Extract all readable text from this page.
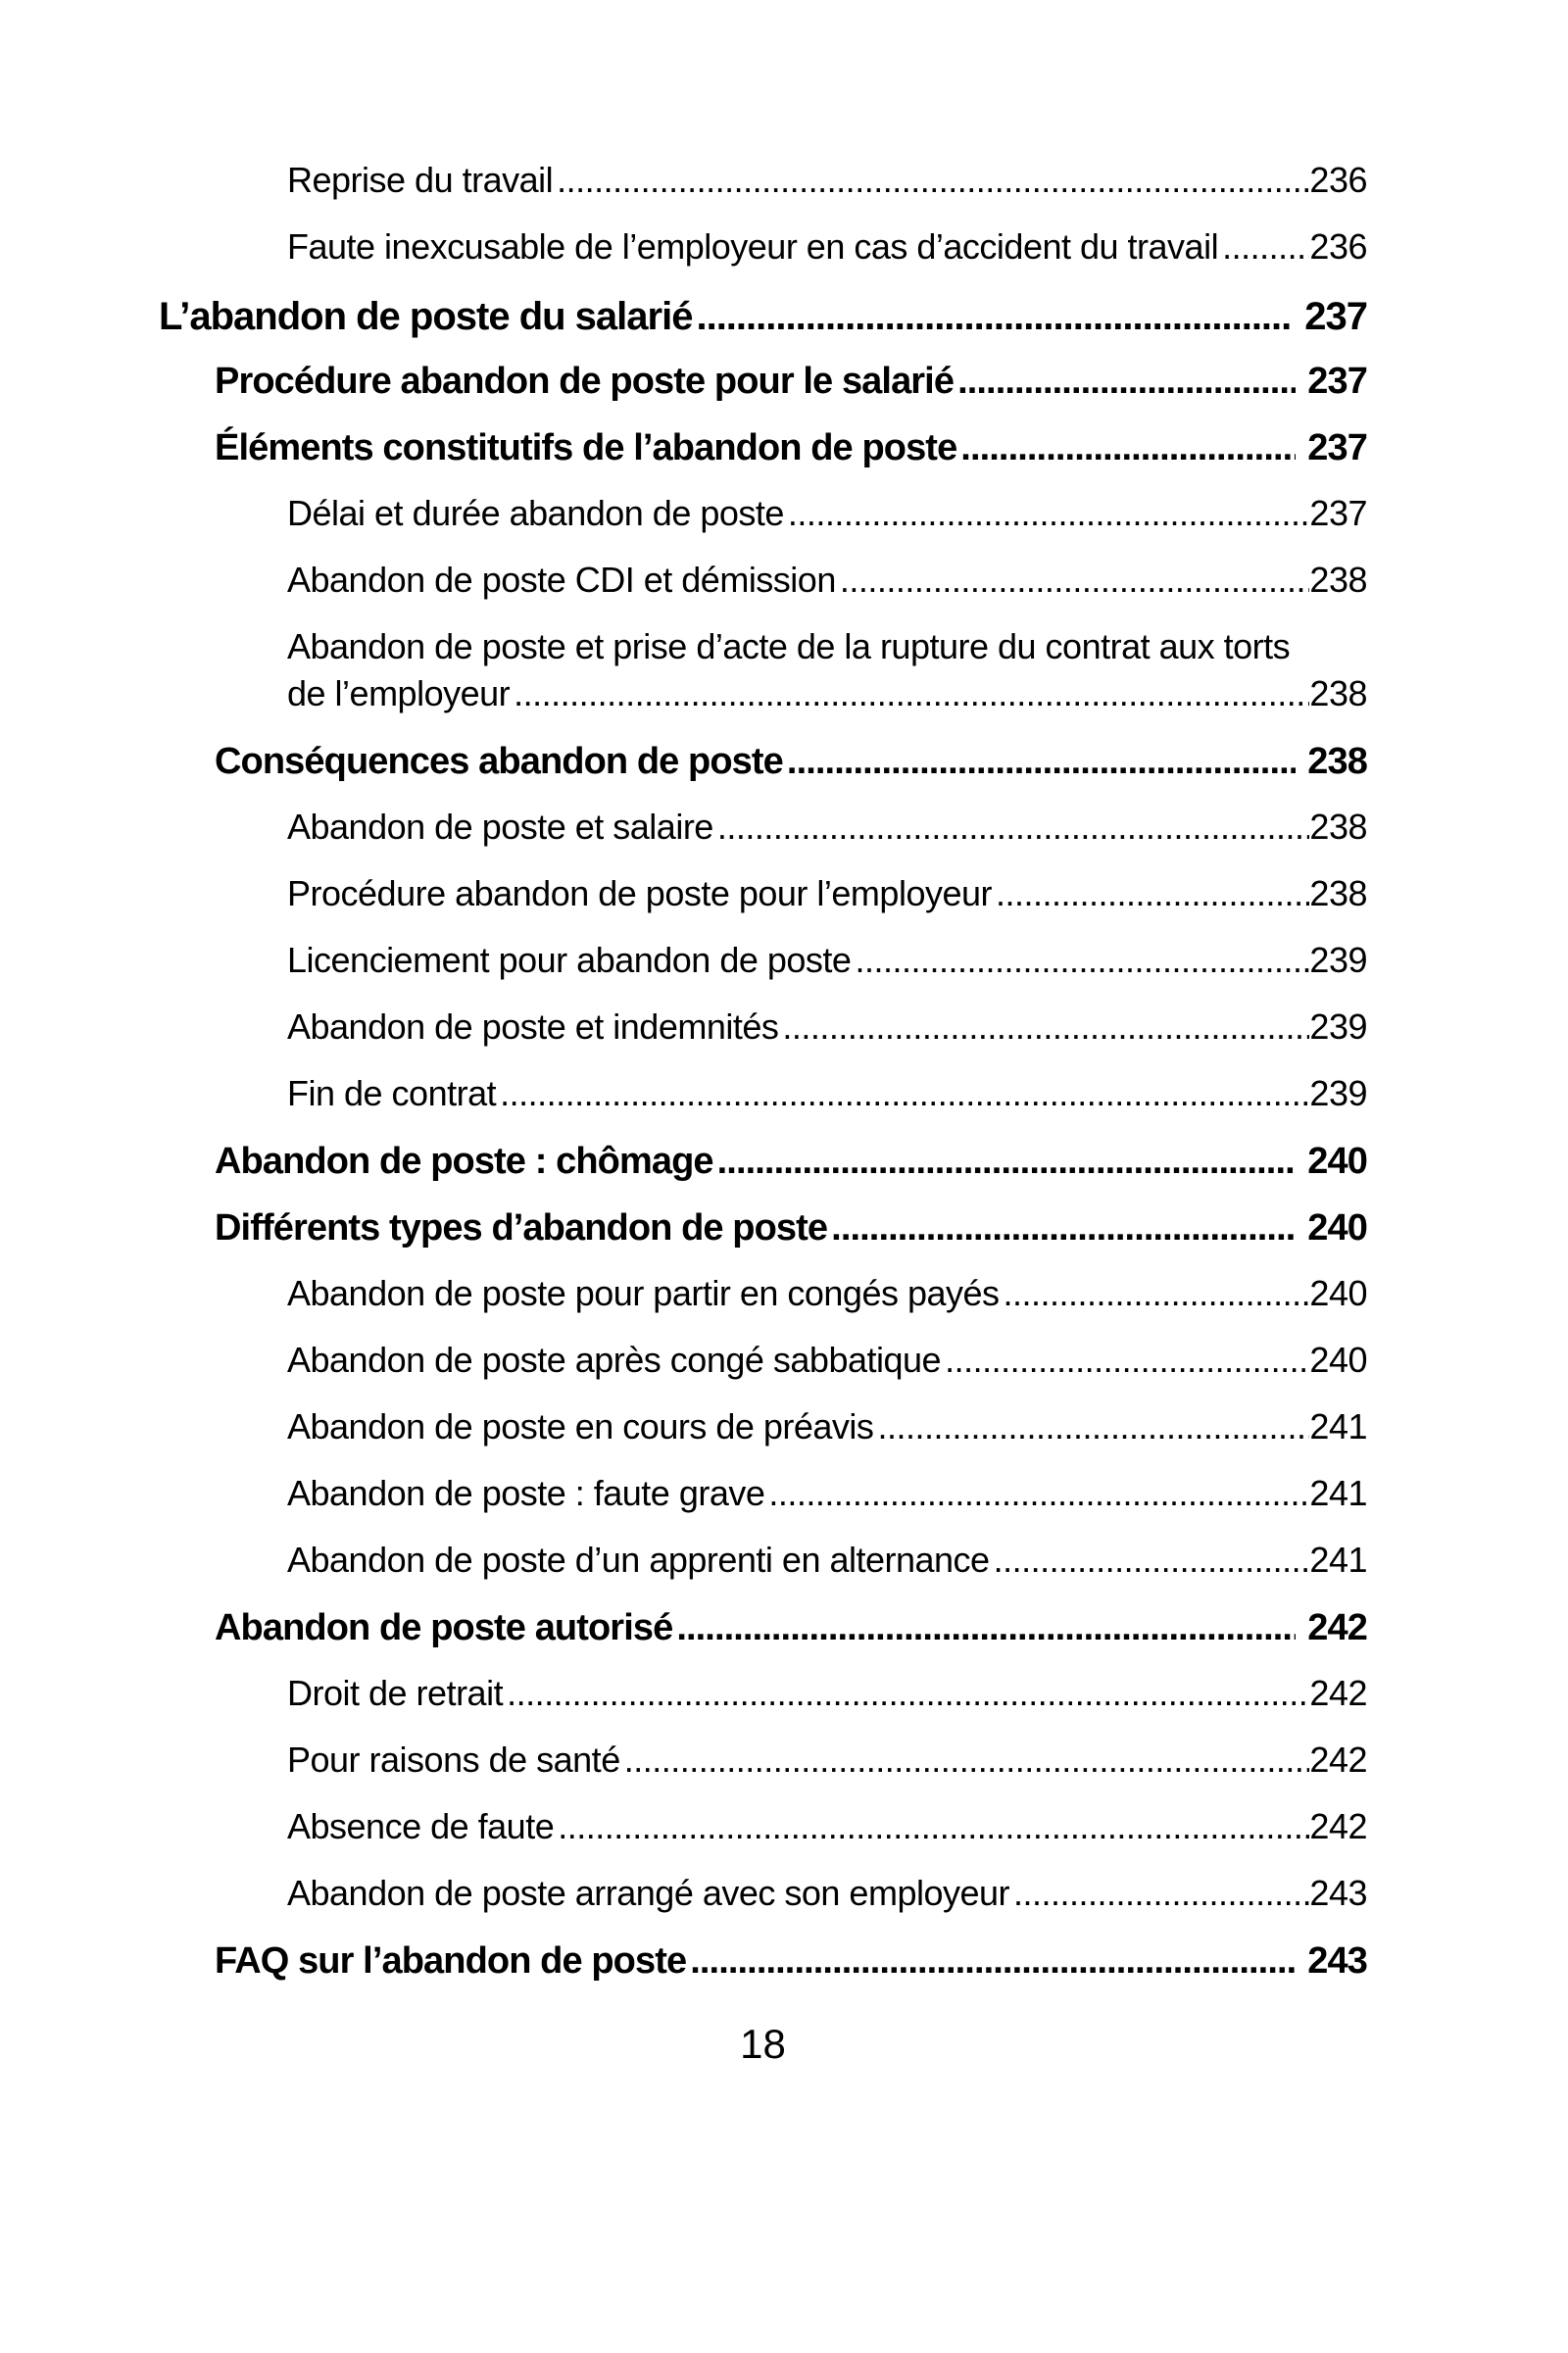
Reprise du travail .....	236
Faute inexcusable de l’employeur en cas d’accident du travail .....	236
L’abandon de poste du salarié .....	237
Procédure abandon de poste pour le salarié .....	237
Éléments constitutifs de l’abandon de poste .....	237
Délai et durée abandon de poste .....	237
Abandon de poste CDI et démission .....	238
Abandon de poste et prise d’acte de la rupture du contrat aux torts
de l’employeur .....	238
Conséquences abandon de poste .....	238
Abandon de poste et salaire .....	238
Procédure abandon de poste pour l’employeur .....	238
Licenciement pour abandon de poste .....	239
Abandon de poste et indemnités .....	239
Fin de contrat .....	239
Abandon de poste : chômage .....	240
Différents types d’abandon de poste .....	240
Abandon de poste pour partir en congés payés .....	240
Abandon de poste après congé sabbatique .....	240
Abandon de poste en cours de préavis .....	241
Abandon de poste : faute grave .....	241
Abandon de poste d’un apprenti en alternance .....	241
Abandon de poste autorisé .....	242
Droit de retrait .....	242
Pour raisons de santé .....	242
Absence de faute .....	242
Abandon de poste arrangé avec son employeur .....	243
FAQ sur l’abandon de poste .....	243
18
